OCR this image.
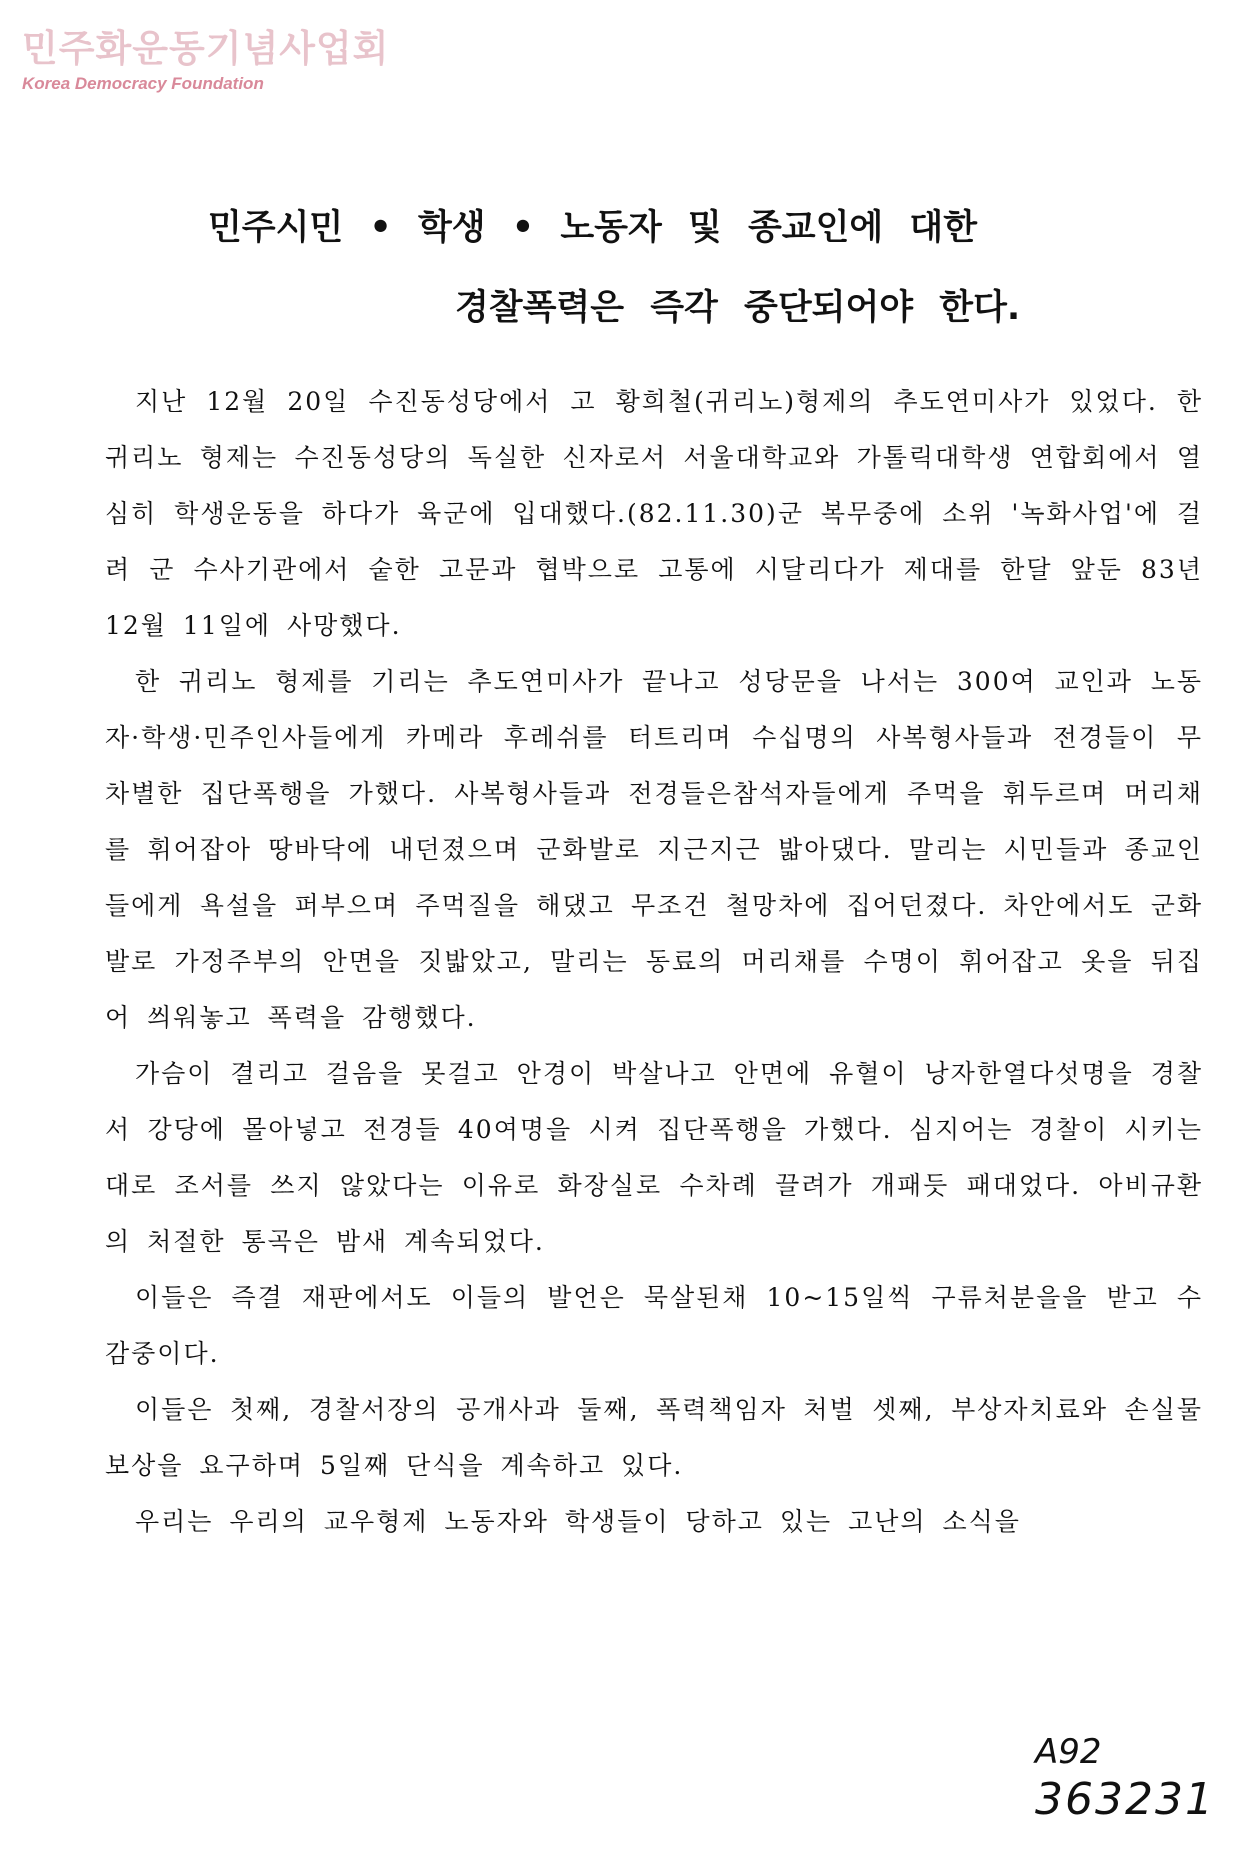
민주화운동기념사업회
Korea Democracy Foundation
민주시민 • 학생 • 노동자 및 종교인에 대한
경찰폭력은 즉각 중단되어야 한다.

지난 12월 20일 수진동성당에서 고 황희철(귀리노)형제의 추도연미사가 있었다. 한 귀리노 형제는 수진동성당의 독실한 신자로서 서울대학교와 가톨릭대학생 연합회에서 열심히 학생운동을 하다가 육군에 입대했다.(82.11.30)군 복무중에 소위 '녹화사업'에 걸려 군 수사기관에서 숱한 고문과 협박으로 고통에 시달리다가 제대를 한달 앞둔 83년 12월 11일에 사망했다.

한 귀리노 형제를 기리는 추도연미사가 끝나고 성당문을 나서는 300여 교인과 노동자·학생·민주인사들에게 카메라 후레쉬를 터트리며 수십명의 사복형사들과 전경들이 무차별한 집단폭행을 가했다. 사복형사들과 전경들은참석자들에게 주먹을 휘두르며 머리채를 휘어잡아 땅바닥에 내던졌으며 군화발로 지근지근 밟아댔다. 말리는 시민들과 종교인들에게 욕설을 퍼부으며 주먹질을 해댔고 무조건 철망차에 집어던졌다. 차안에서도 군화발로 가정주부의 안면을 짓밟았고, 말리는 동료의 머리채를 수명이 휘어잡고 옷을 뒤집어 씌워놓고 폭력을 감행했다.

가슴이 결리고 걸음을 못걸고 안경이 박살나고 안면에 유혈이 낭자한열다섯명을 경찰서 강당에 몰아넣고 전경들 40여명을 시켜 집단폭행을 가했다. 심지어는 경찰이 시키는대로 조서를 쓰지 않았다는 이유로 화장실로 수차례 끌려가 개패듯 패대었다. 아비규환의 처절한 통곡은 밤새 계속되었다.

이들은 즉결 재판에서도 이들의 발언은 묵살된채 10~15일씩 구류처분을을 받고 수감중이다.

이들은 첫째, 경찰서장의 공개사과 둘째, 폭력책임자 처벌 셋째, 부상자치료와 손실물보상을 요구하며 5일째 단식을 계속하고 있다.

우리는 우리의 교우형제 노동자와 학생들이 당하고 있는 고난의 소식을

A92
363231
